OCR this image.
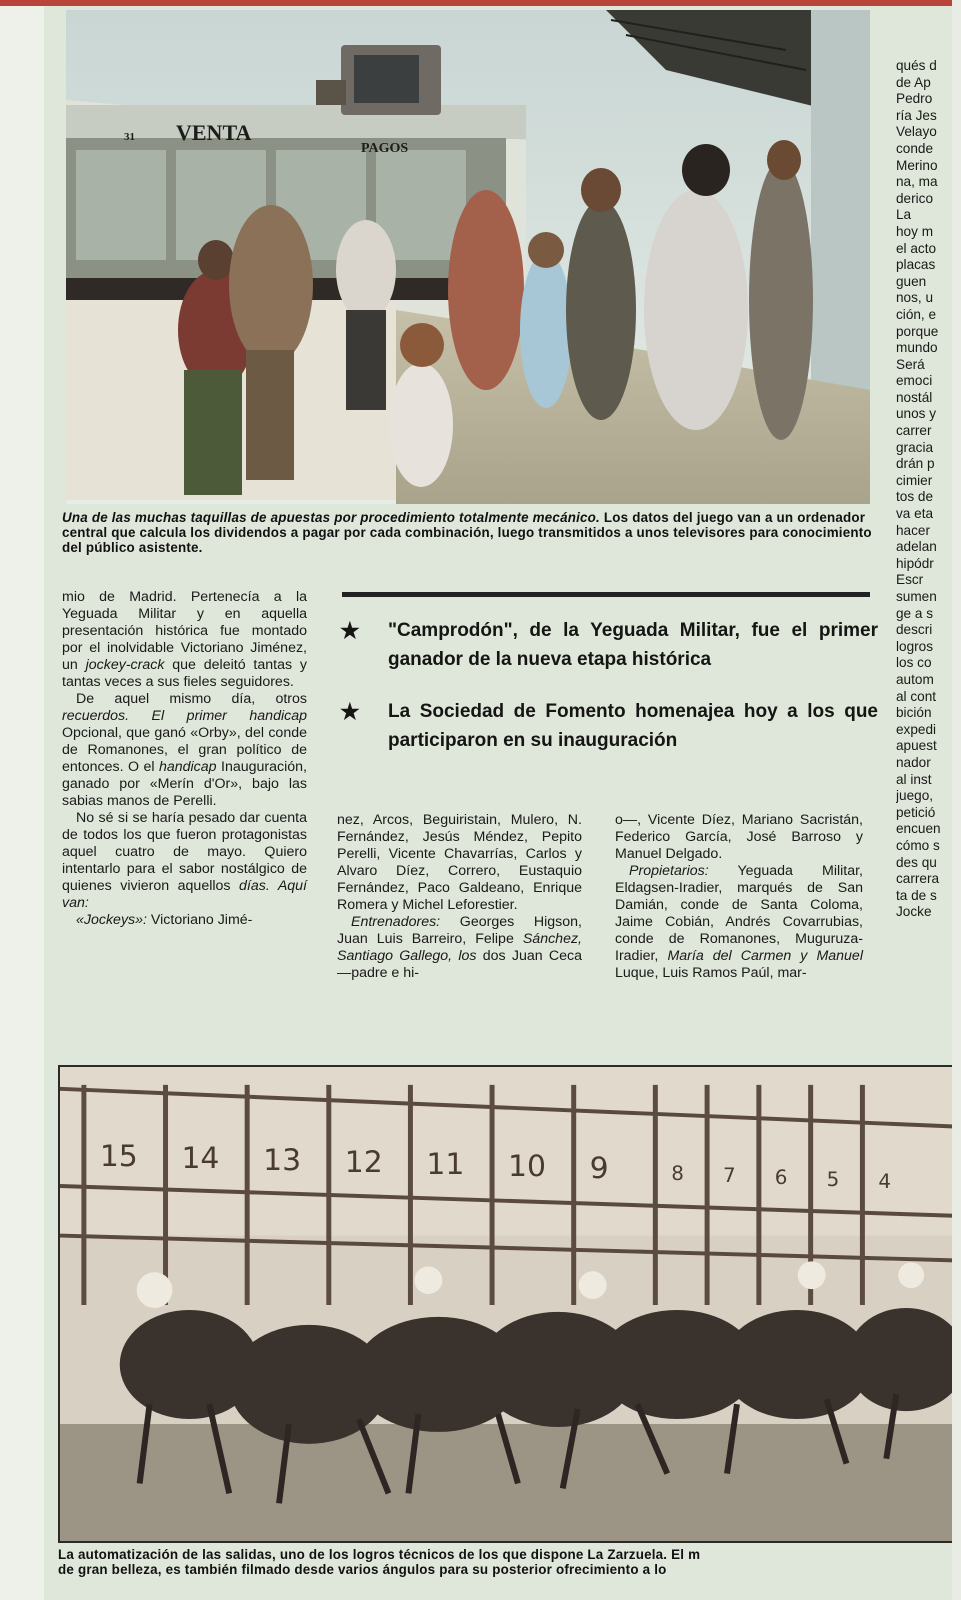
VENTA
PAGOS
31
Una de las muchas taquillas de apuestas por procedimiento totalmente mecánico. Los datos del juego van a un ordenador central que calcula los dividendos a pagar por cada combinación, luego transmitidos a unos televisores para conocimiento del público asistente.

mio de Madrid. Pertenecía a la Yeguada Militar y en aquella presentación histórica fue montado por el inolvidable Victoriano Jiménez, un jockey-crack que deleitó tantas y tantas veces a sus fieles seguidores.

De aquel mismo día, otros recuerdos. El primer handicap Opcional, que ganó «Orby», del conde de Romanones, el gran político de entonces. O el handicap Inauguración, ganado por «Merín d'Or», bajo las sabias manos de Perelli.

No sé si se haría pesado dar cuenta de todos los que fueron protagonistas aquel cuatro de mayo. Quiero intentarlo para el sabor nostálgico de quienes vivieron aquellos días. Aquí van:

«Jockeys»: Victoriano Jimé-

★	"Camprodón", de la Yeguada Militar, fue el primer ganador de la nueva etapa histórica
★	La Sociedad de Fomento homenajea hoy a los que participaron en su inauguración

nez, Arcos, Beguiristain, Mulero, N. Fernández, Jesús Méndez, Pepito Perelli, Vicente Chavarrías, Carlos y Alvaro Díez, Correro, Eustaquio Fernández, Paco Galdeano, Enrique Romera y Michel Leforestier.

Entrenadores: Georges Higson, Juan Luis Barreiro, Felipe Sánchez, Santiago Gallego, los dos Juan Ceca —padre e hi-

o—, Vicente Díez, Mariano Sacristán, Federico García, José Barroso y Manuel Delgado.

Propietarios: Yeguada Militar, Eldagsen-Iradier, marqués de San Damián, conde de Santa Coloma, Jaime Cobián, Andrés Covarrubias, conde de Romanones, Muguruza-Iradier, María del Carmen y Manuel Luque, Luis Ramos Paúl, mar-

qués d
de Ap
Pedro
ría Jes
Velayo
conde
Merino
na, ma
derico
La
hoy m
el acto
placas
guen
nos, u
ción, e
porque
mundo
Será
emoci
nostál
unos y
carrer
gracia
drán p
cimier
tos de
va eta
hacer
adelan
hipódr
Escr
sumen
ge a s
descri
logros
los co
autom
al cont
bición
expedi
apuest
nador
al inst
juego,
petició
encuen
cómo s
des qu
carrera
ta de s
Jocke
15 14 13 12 11 10 9	8 7 6 5 4
La automatización de las salidas, uno de los logros técnicos de los que dispone La Zarzuela. El m
de gran belleza, es también filmado desde varios ángulos para su posterior ofrecimiento a lo
